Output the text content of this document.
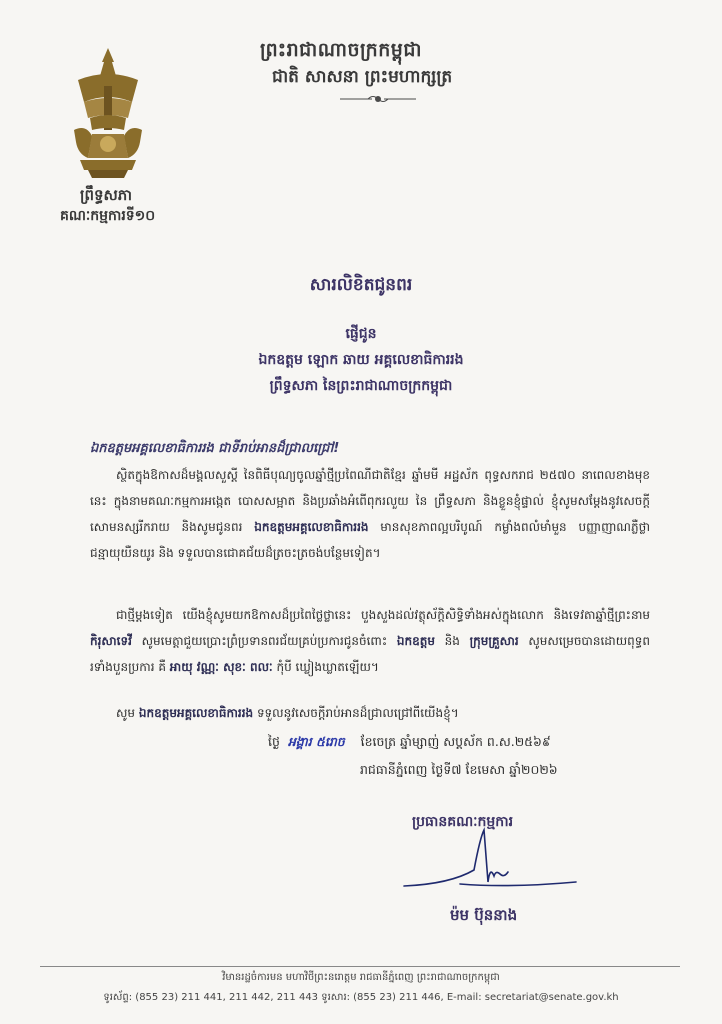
ព្រះរាជាណាចក្រកម្ពុជា
ជាតិ សាសនា ព្រះមហាក្សត្រ
ព្រឹទ្ធសភា
គណៈកម្មការទី១០
សារលិខិតជូនពរ
ផ្ញើជូន
ឯកឧត្តម ឡោក ឆាយ អគ្គលេខាធិការរង
ព្រឹទ្ធសភា នៃព្រះរាជាណាចក្រកម្ពុជា
ឯកឧត្តមអគ្គលេខាធិការរង ជាទីរាប់អានដ៏ជ្រាលជ្រៅ!
ស្ថិតក្នុងឱកាសដ៏មង្គលសួស្តី នៃពិធីបុណ្យចូលឆ្នាំថ្មីប្រពៃណីជាតិខ្មែរ ឆ្នាំមមី អដ្ឋស័ក ពុទ្ធសករាជ ២៥៧០ នាពេលខាងមុខនេះ ក្នុងនាមគណៈកម្មការអង្កេត បោសសម្អាត និងប្រឆាំងអំពើពុករលួយ នៃ ព្រឹទ្ធសភា និងខ្លួនខ្ញុំផ្ទាល់ ខ្ញុំសូមសម្តែងនូវសេចក្តីសោមនស្សរីករាយ និងសូមជូនពរ ឯកឧត្តមអគ្គលេខាធិការរង មានសុខភាពល្អបរិបូណ៍ កម្លាំងពលំមាំមួន បញ្ញាញាណភ្លឺថ្លា ជន្មាយុយឺនយូរ និង ទទួលបានជោគជ័យដ៏ត្រចះត្រចង់បន្ថែមទៀត។
ជាថ្មីម្តងទៀត យើងខ្ញុំសូមយកឱកាសដ៏ប្រពៃថ្លៃថ្លានេះ បួងសួងដល់វត្ថុស័ក្តិសិទ្ធិទាំងអស់ក្នុងលោក និងទេវតាឆ្នាំថ្មីព្រះនាម កិរុសាទេវី សូមមេត្តាជួយប្រោះព្រំប្រទានពរជ័យគ្រប់ប្រការជូនចំពោះ ឯកឧត្តម និង ក្រុមគ្រួសារ សូមសម្រេចបានដោយពុទ្ធពរទាំងបួនប្រការ គឺ អាយុ វណ្ណៈ សុខៈ ពលៈ កុំបី ឃ្លៀងឃ្លាតឡើយ។
សូម ឯកឧត្តមអគ្គលេខាធិការរង ទទួលនូវសេចក្តីរាប់អានដ៏ជ្រាលជ្រៅពីយើងខ្ញុំ។
ថ្ងៃ អង្គារ ៥រោច ខែចេត្រ ឆ្នាំម្សាញ់ សប្តស័ក ព.ស.២៥៦៩
រាជធានីភ្នំពេញ ថ្ងៃទី៧ ខែមេសា ឆ្នាំ២០២៦
ប្រធានគណៈកម្មការ
ម៉ម ប៊ុននាង
វិមានរដ្ឋចំការមន មហាវិថីព្រះនរោត្តម រាជធានីភ្នំពេញ ព្រះរាជាណាចក្រកម្ពុជា
ទូរស័ព្ទ: (855 23) 211 441, 211 442, 211 443 ទូរសារ: (855 23) 211 446, E-mail: secretariat@senate.gov.kh
